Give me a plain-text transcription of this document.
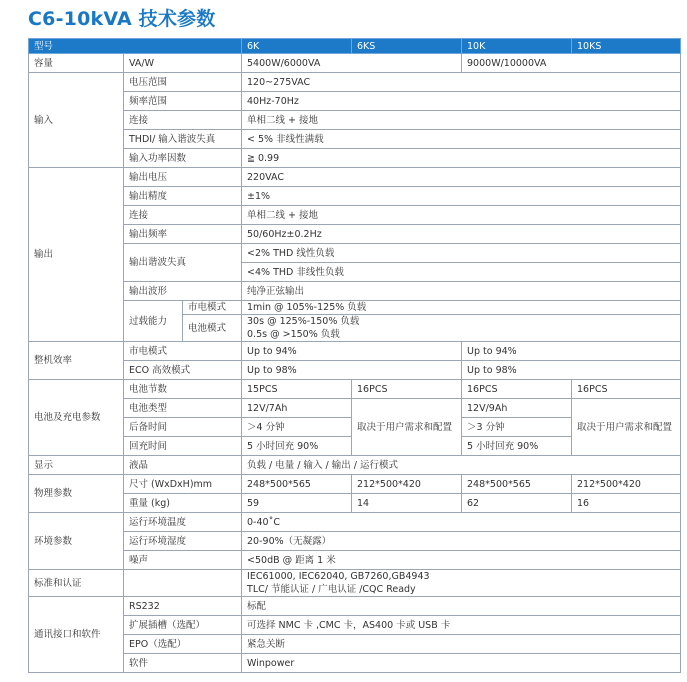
C6-10kVA 技术参数
型号			6K	6KS	10K	10KS
容量	VA/W		5400W/6000VA		9000W/10000VA	
输入	电压范围		120~275VAC			
	频率范围		40Hz-70Hz			
	连接		单相二线 + 接地			
	THDI/ 输入谐波失真		< 5% 非线性满载			
	输入功率因数		≧ 0.99			
输出	输出电压		220VAC			
	输出精度		±1%			
	连接		单相二线 + 接地			
	输出频率		50/60Hz±0.2Hz			
	输出谐波失真		<2% THD 线性负载			
			<4% THD 非线性负载			
	输出波形		纯净正弦输出			
	过载能力	市电模式	1min @ 105%-125% 负载			
		电池模式	30s @ 125%-150% 负载			
			0.5s @ >150% 负载			
整机效率	市电模式		Up to 94%		Up to 94%	
	ECO 高效模式		Up to 98%		Up to 98%	
电池及充电参数	电池节数		15PCS	16PCS	16PCS	16PCS
	电池类型		12V/7Ah	取决于用户需求和配置	12V/9Ah	取决于用户需求和配置
	后备时间		＞4 分钟		＞3 分钟	
	回充时间		5 小时回充 90%		5 小时回充 90%	
显示	液晶		负载 / 电量 / 输入 / 输出 / 运行模式			
物理参数	尺寸 (WxDxH)mm		248*500*565	212*500*420	248*500*565	212*500*420
	重量 (kg)		59	14	62	16
环境参数	运行环境温度		0-40˚C			
	运行环境湿度		20-90%（无凝露）			
	噪声		<50dB @ 距离 1 米			
标准和认证			IEC61000, IEC62040, GB7260,GB4943			
			TLC/ 节能认证 / 广电认证 /CQC Ready			
通讯接口和软件	RS232		标配			
	扩展插槽（选配）		可选择 NMC 卡 ,CMC 卡，AS400 卡或 USB 卡			
	EPO（选配）		紧急关断			
	软件		Winpower			
